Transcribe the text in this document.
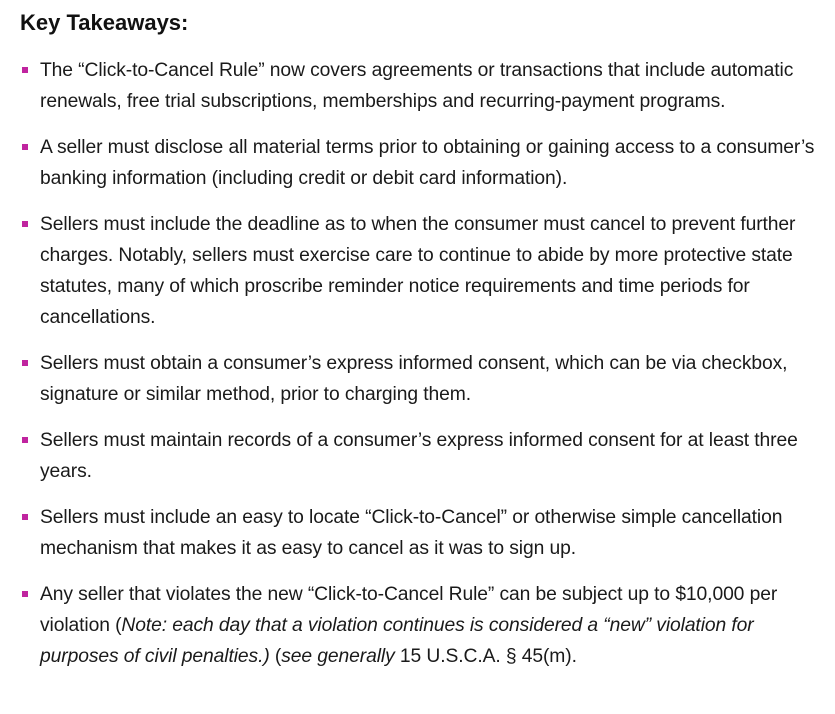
Key Takeaways:
The “Click-to-Cancel Rule” now covers agreements or transactions that include automatic renewals, free trial subscriptions, memberships and recurring-payment programs.
A seller must disclose all material terms prior to obtaining or gaining access to a consumer’s banking information (including credit or debit card information).
Sellers must include the deadline as to when the consumer must cancel to prevent further charges. Notably, sellers must exercise care to continue to abide by more protective state statutes, many of which proscribe reminder notice requirements and time periods for cancellations.
Sellers must obtain a consumer’s express informed consent, which can be via checkbox, signature or similar method, prior to charging them.
Sellers must maintain records of a consumer’s express informed consent for at least three years.
Sellers must include an easy to locate “Click-to-Cancel” or otherwise simple cancellation mechanism that makes it as easy to cancel as it was to sign up.
Any seller that violates the new “Click-to-Cancel Rule” can be subject up to $10,000 per violation (Note: each day that a violation continues is considered a “new” violation for purposes of civil penalties.) (see generally 15 U.S.C.A. § 45(m).
